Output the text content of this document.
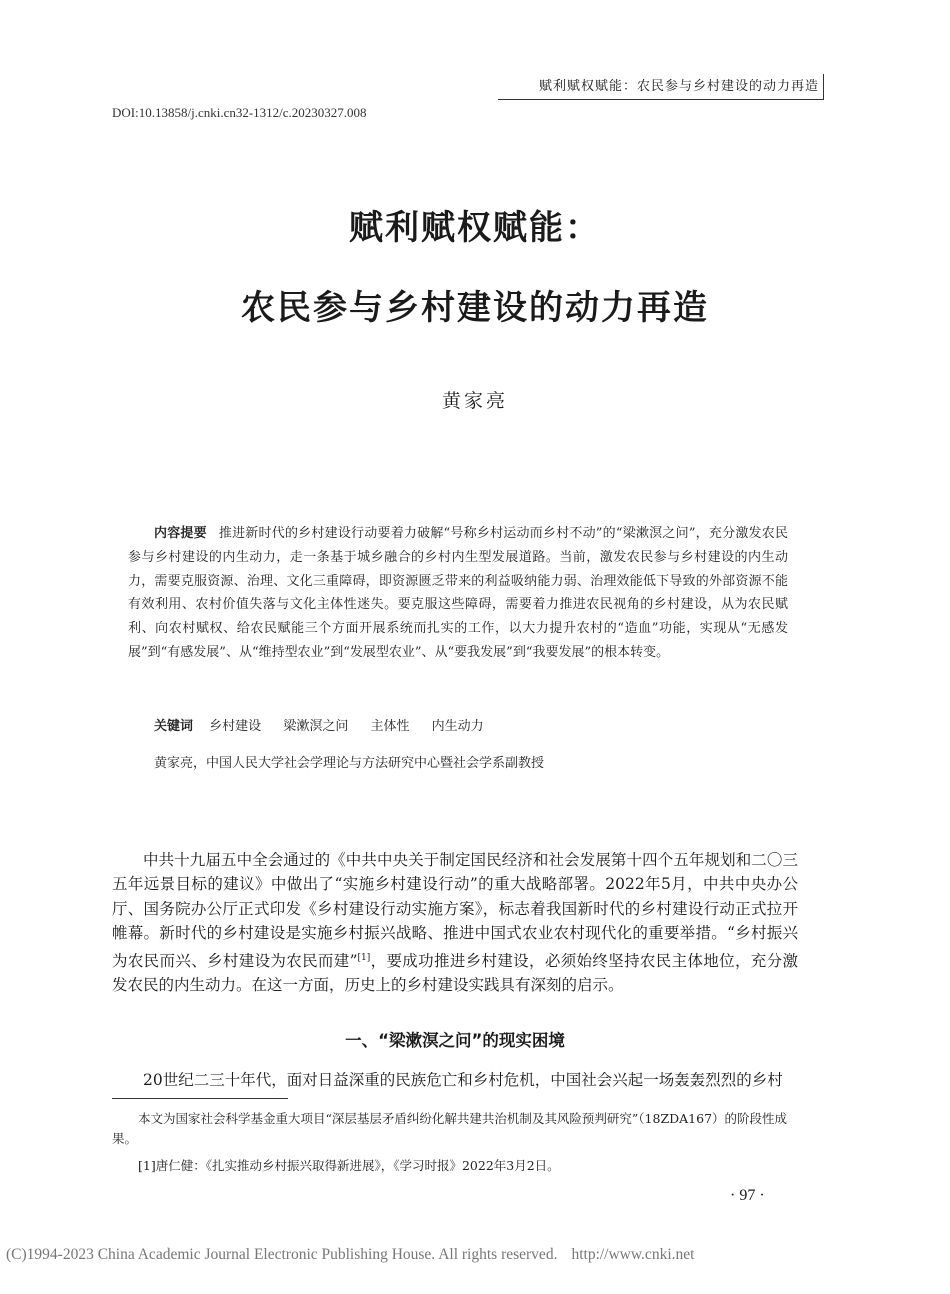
赋利赋权赋能：农民参与乡村建设的动力再造
DOI:10.13858/j.cnki.cn32-1312/c.20230327.008
赋利赋权赋能：
农民参与乡村建设的动力再造
黄家亮
内容提要 推进新时代的乡村建设行动要着力破解“号称乡村运动而乡村不动”的“梁漱溟之问”，充分激发农民参与乡村建设的内生动力，走一条基于城乡融合的乡村内生型发展道路。当前，激发农民参与乡村建设的内生动力，需要克服资源、治理、文化三重障碍，即资源匮乏带来的利益吸纳能力弱、治理效能低下导致的外部资源不能有效利用、农村价值失落与文化主体性迷失。要克服这些障碍，需要着力推进农民视角的乡村建设，从为农民赋利、向农村赋权、给农民赋能三个方面开展系统而扎实的工作，以大力提升农村的“造血”功能，实现从“无感发展”到“有感发展”、从“维持型农业”到“发展型农业”、从“要我发展”到“我要发展”的根本转变。
关键词 乡村建设 梁漱溟之问 主体性 内生动力
黄家亮，中国人民大学社会学理论与方法研究中心暨社会学系副教授

中共十九届五中全会通过的《中共中央关于制定国民经济和社会发展第十四个五年规划和二〇三五年远景目标的建议》中做出了“实施乡村建设行动”的重大战略部署。2022年5月，中共中央办公厅、国务院办公厅正式印发《乡村建设行动实施方案》，标志着我国新时代的乡村建设行动正式拉开帷幕。新时代的乡村建设是实施乡村振兴战略、推进中国式农业农村现代化的重要举措。“乡村振兴为农民而兴、乡村建设为农民而建”[1]，要成功推进乡村建设，必须始终坚持农民主体地位，充分激发农民的内生动力。在这一方面，历史上的乡村建设实践具有深刻的启示。

一、“梁漱溟之问”的现实困境

20世纪二三十年代，面对日益深重的民族危亡和乡村危机，中国社会兴起一场轰轰烈烈的乡村

本文为国家社会科学基金重大项目“深层基层矛盾纠纷化解共建共治机制及其风险预判研究”（18ZDA167）的阶段性成果。
[1]唐仁健：《扎实推动乡村振兴取得新进展》，《学习时报》2022年3月2日。
· 97 ·
(C)1994-2023 China Academic Journal Electronic Publishing House. All rights reserved. http://www.cnki.net
